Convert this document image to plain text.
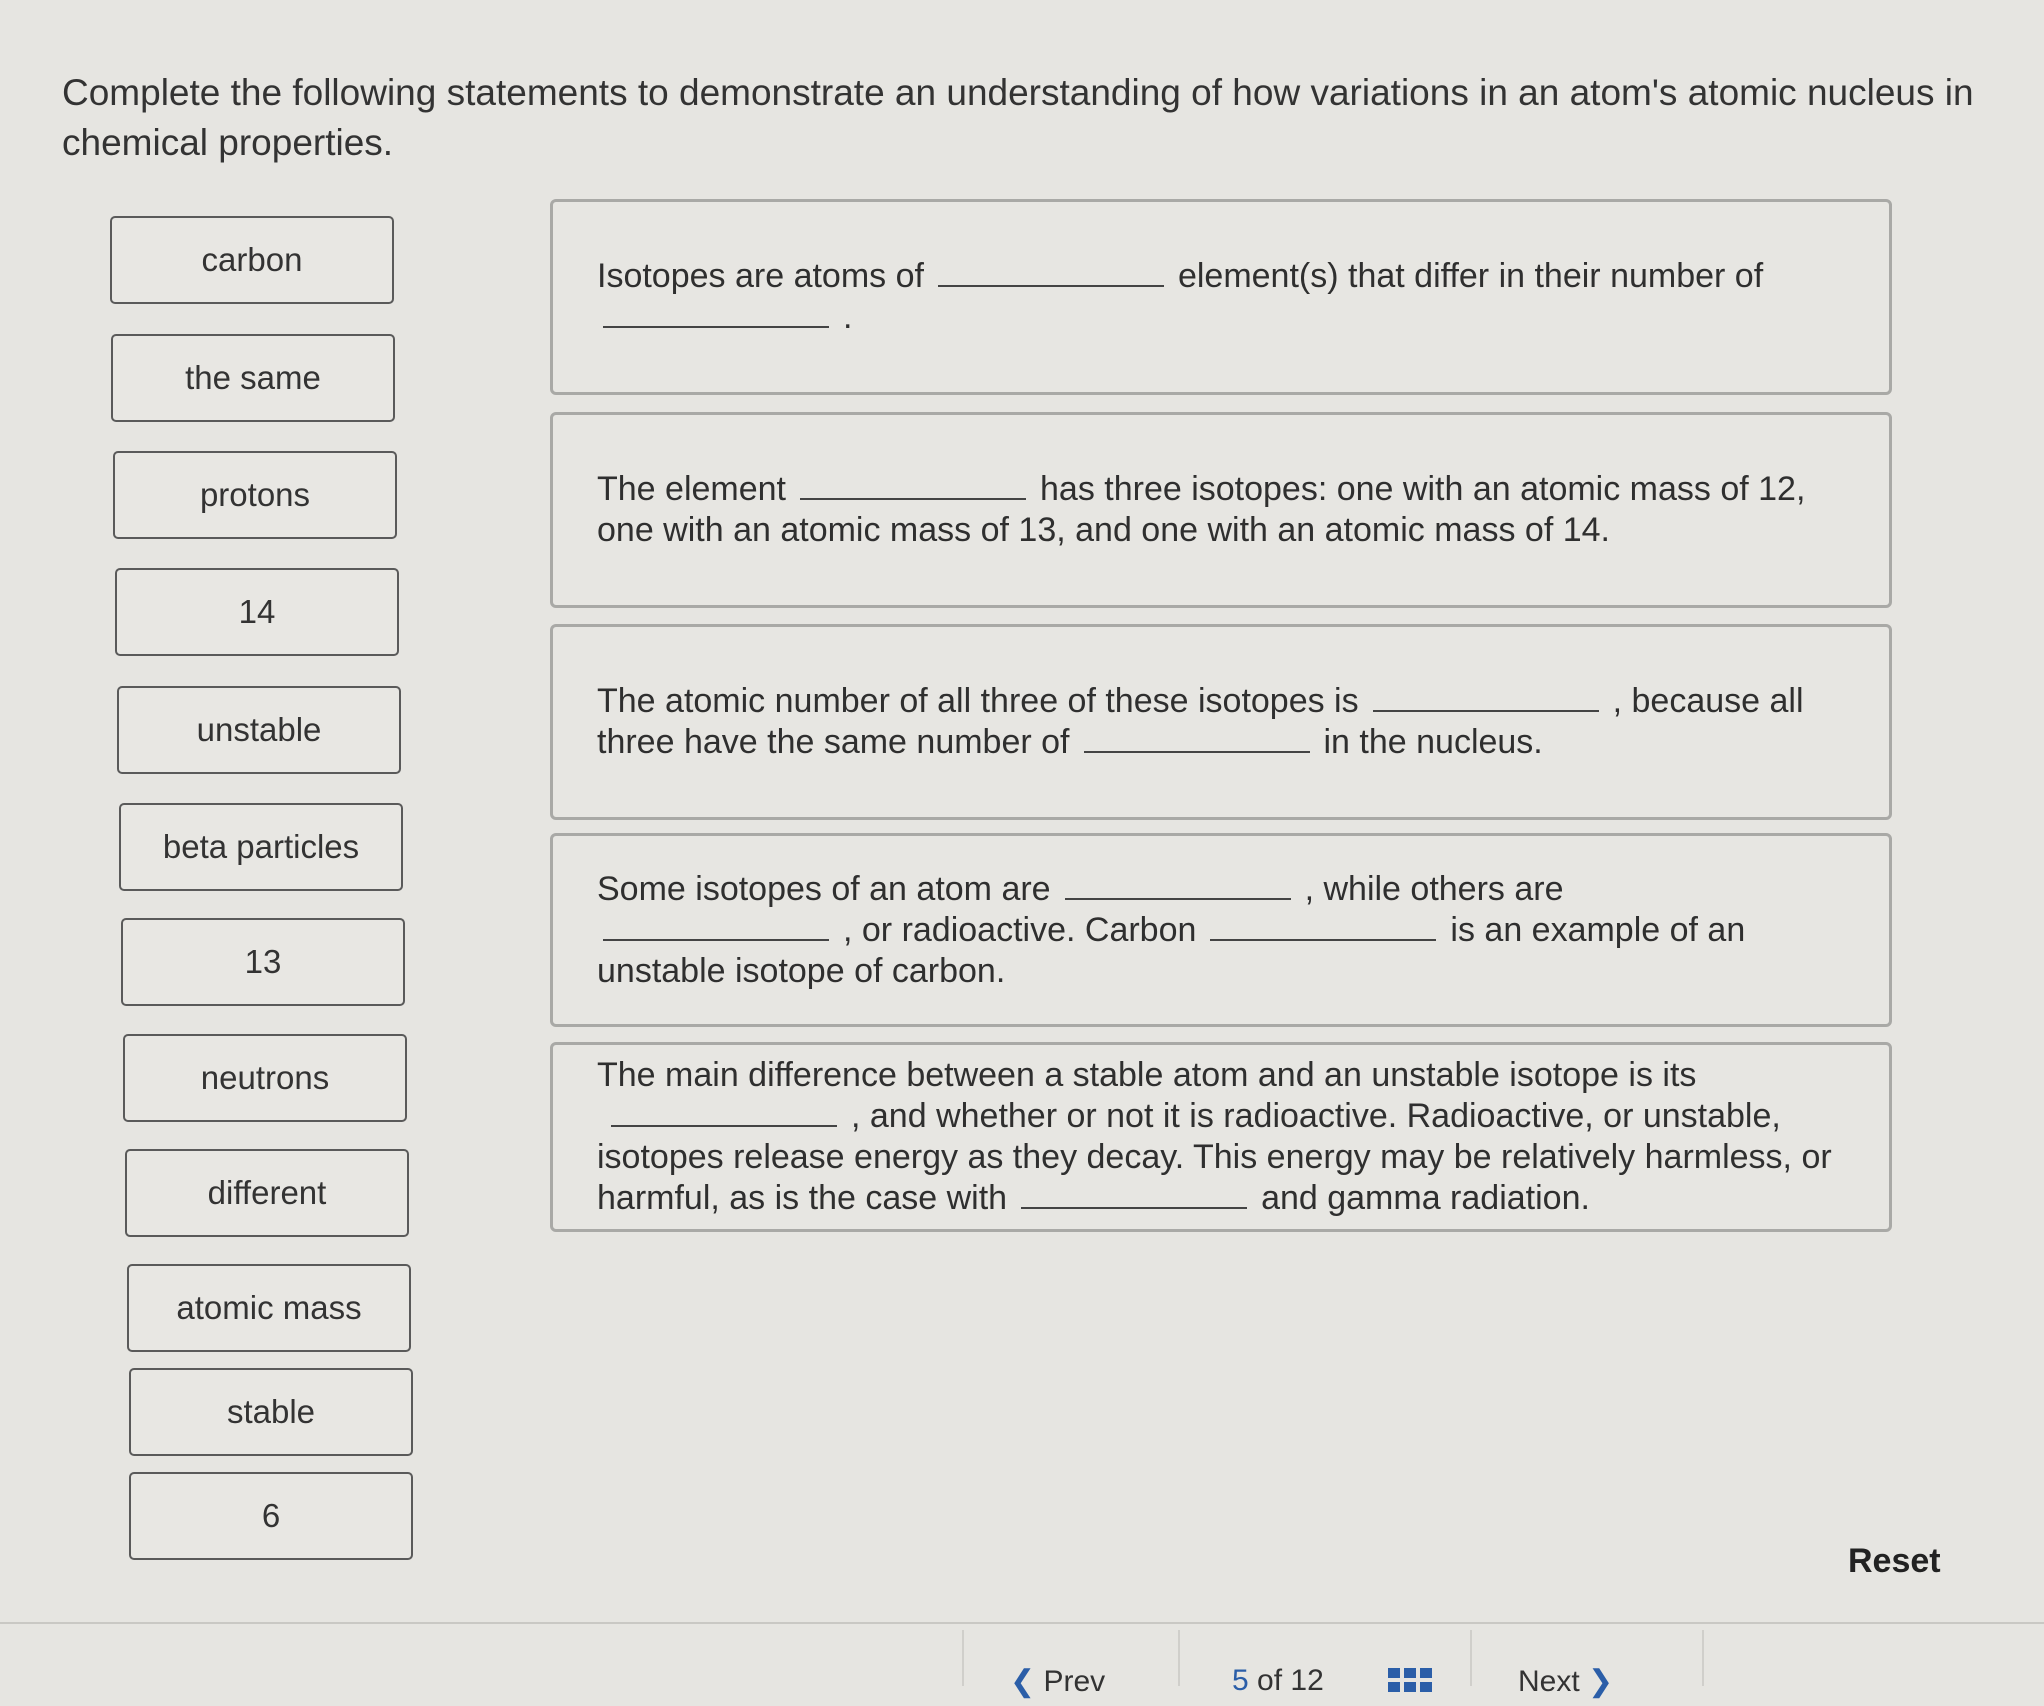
Complete the following statements to demonstrate an understanding of how variations in an atom's atomic nucleus in
chemical properties.
carbon
the same
protons
14
unstable
beta particles
13
neutrons
different
atomic mass
stable
6
Isotopes are atoms of	element(s) that differ in their number of
.
The element	has three isotopes: one with an atomic mass of 12, one with an atomic mass of 13, and one with an atomic mass of 14.
The atomic number of all three of these isotopes is	, because all three have the same number of	in the nucleus.
Some isotopes of an atom are	, while others are
, or radioactive. Carbon	is an example of an unstable isotope of carbon.
The main difference between a stable atom and an unstable isotope is its, and whether or not it is radioactive. Radioactive, or unstable, isotopes release energy as they decay. This energy may be relatively harmless, or harmful, as is the case with	and gamma radiation.
Reset
❮ Prev	5 of 12	Next ❯
